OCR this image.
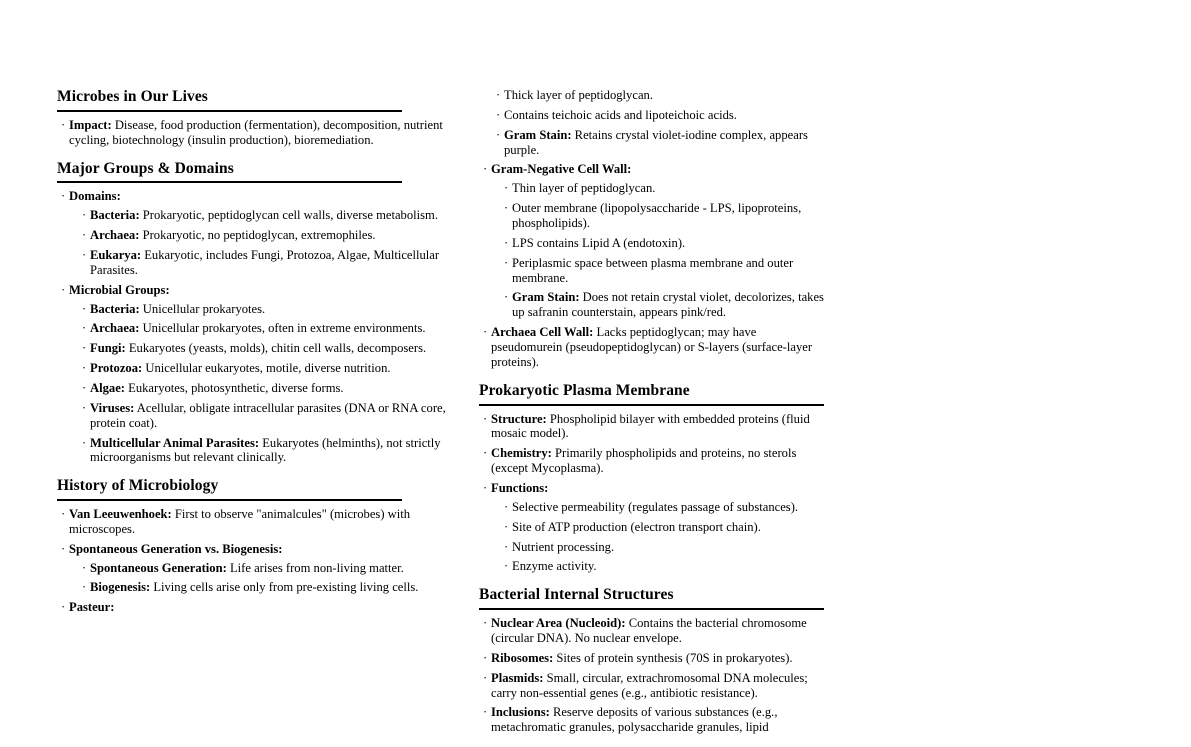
Microbes in Our Lives
· Impact: Disease, food production (fermentation), decomposition, nutrient cycling, biotechnology (insulin production), bioremediation.
Major Groups & Domains
· Domains:
· Bacteria: Prokaryotic, peptidoglycan cell walls, diverse metabolism.
· Archaea: Prokaryotic, no peptidoglycan, extremophiles.
· Eukarya: Eukaryotic, includes Fungi, Protozoa, Algae, Multicellular Parasites.
· Microbial Groups:
· Bacteria: Unicellular prokaryotes.
· Archaea: Unicellular prokaryotes, often in extreme environments.
· Fungi: Eukaryotes (yeasts, molds), chitin cell walls, decomposers.
· Protozoa: Unicellular eukaryotes, motile, diverse nutrition.
· Algae: Eukaryotes, photosynthetic, diverse forms.
· Viruses: Acellular, obligate intracellular parasites (DNA or RNA core, protein coat).
· Multicellular Animal Parasites: Eukaryotes (helminths), not strictly microorganisms but relevant clinically.
History of Microbiology
· Van Leeuwenhoek: First to observe "animalcules" (microbes) with microscopes.
· Spontaneous Generation vs. Biogenesis:
· Spontaneous Generation: Life arises from non-living matter.
· Biogenesis: Living cells arise only from pre-existing living cells.
· Pasteur:
· Thick layer of peptidoglycan.
· Contains teichoic acids and lipoteichoic acids.
· Gram Stain: Retains crystal violet-iodine complex, appears purple.
· Gram-Negative Cell Wall:
· Thin layer of peptidoglycan.
· Outer membrane (lipopolysaccharide - LPS, lipoproteins, phospholipids).
· LPS contains Lipid A (endotoxin).
· Periplasmic space between plasma membrane and outer membrane.
· Gram Stain: Does not retain crystal violet, decolorizes, takes up safranin counterstain, appears pink/red.
· Archaea Cell Wall: Lacks peptidoglycan; may have pseudomurein (pseudopeptidoglycan) or S-layers (surface-layer proteins).
Prokaryotic Plasma Membrane
· Structure: Phospholipid bilayer with embedded proteins (fluid mosaic model).
· Chemistry: Primarily phospholipids and proteins, no sterols (except Mycoplasma).
· Functions:
· Selective permeability (regulates passage of substances).
· Site of ATP production (electron transport chain).
· Nutrient processing.
· Enzyme activity.
Bacterial Internal Structures
· Nuclear Area (Nucleoid): Contains the bacterial chromosome (circular DNA). No nuclear envelope.
· Ribosomes: Sites of protein synthesis (70S in prokaryotes).
· Plasmids: Small, circular, extrachromosomal DNA molecules; carry non-essential genes (e.g., antibiotic resistance).
· Inclusions: Reserve deposits of various substances (e.g., metachromatic granules, polysaccharide granules, lipid
